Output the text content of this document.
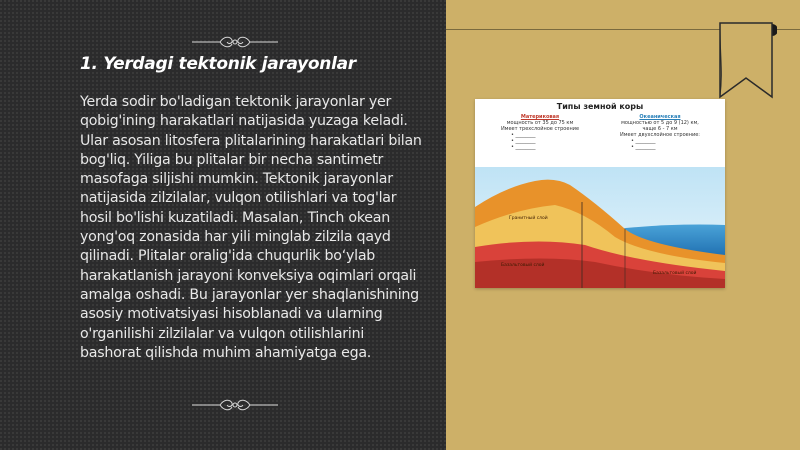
1. Yerdagi tektonik jarayonlar

Yerda sodir bo'ladigan tektonik jarayonlar yer qobig'ining harakatlari natijasida yuzaga keladi. Ular asosan litosfera plitalarining harakatlari bilan bog'liq. Yiliga bu plitalar bir necha santimetr masofaga siljishi mumkin. Tektonik jarayonlar natijasida zilzilalar, vulqon otilishlari va tog'lar hosil bo'lishi kuzatiladi. Masalan, Tinch okean yong'oq zonasida har yili minglab zilzila qayd qilinadi. Plitalar oralig'ida chuqurlik bo‘ylab harakatlanish jarayoni konveksiya oqimlari orqali amalga oshadi. Bu jarayonlar yer shaqlanishining asosiy motivatsiyasi hisoblanadi va ularning o'rganilishi zilzilalar va vulqon otilishlarini bashorat qilishda muhim ahamiyatga ega.

Типы земной коры
Материковая
мощность от 35 до 75 км
Имеет трехслойное строение
• ________
• ________
• ________
Океаническая
мощностью от 5 до 9 (12) км,
чаще 6 - 7 км
Имеет двухслойное строение:
• ________
• ________
Гранитный слой
Базальтовый слой
Базальтовый слой
